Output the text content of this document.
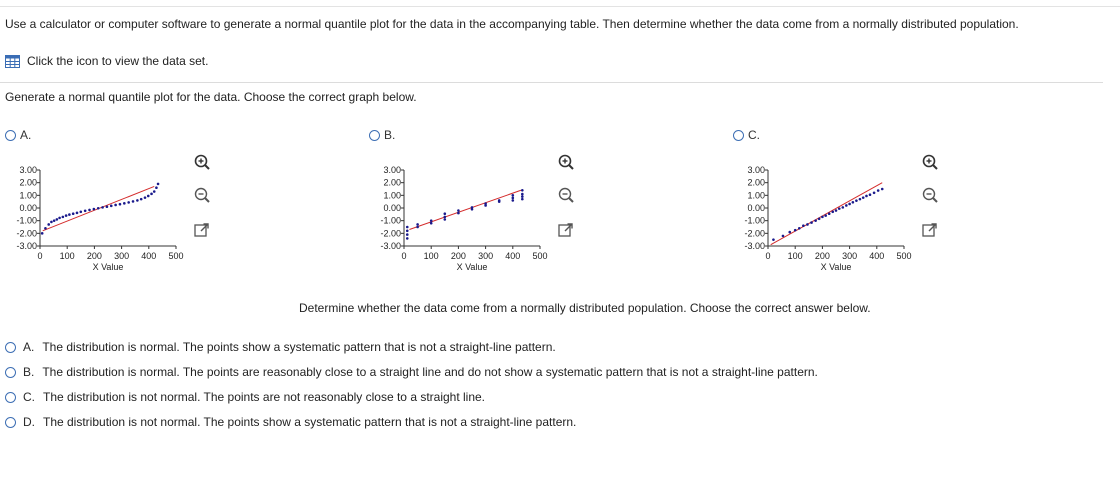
Use a calculator or computer software to generate a normal quantile plot for the data in the accompanying table. Then determine whether the data come from a normally distributed population.
Click the icon to view the data set.
Generate a normal quantile plot for the data. Choose the correct graph below.
A.	B.	C.
3.00
2.00
1.00
0.00
-1.00
-2.00
-3.00
0 100 200 300 400 500
X Value
3.00
2.00
1.00
0.00
-1.00
-2.00
-3.00
0 100 200 300 400 500
X Value
3.00
2.00
1.00
0.00
-1.00
-2.00
-3.00
0 100 200 300 400 500
X Value
Determine whether the data come from a normally distributed population. Choose the correct answer below.
A. The distribution is normal. The points show a systematic pattern that is not a straight-line pattern.
B. The distribution is normal. The points are reasonably close to a straight line and do not show a systematic pattern that is not a straight-line pattern.
C. The distribution is not normal. The points are not reasonably close to a straight line.
D. The distribution is not normal. The points show a systematic pattern that is not a straight-line pattern.
